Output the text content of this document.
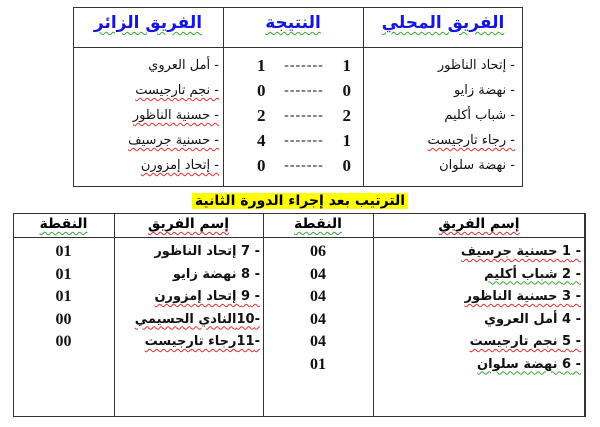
الفريق المحلي
النتيجة
الفريق الزائر
- إتحاد الناظور
- نهضة زايو
- شباب أكليم
- رجاء تارجيست
- نهضة سلوان
1 ------- 1
0 ------- 0
2 ------- 2
4 ------- 1
0 ------- 0
- أمل العروي
- نجم تارجيست
- حسنية الناظور
- حسنية جرسيف
- إتحاد إمزورن
الترتيب بعد إجراء الدورة الثانية
إسم الفريق
النقطة
إسم الفريق
النقطة
- 1 حسنية جرسيف
- 2 شباب أكليم
- 3 حسنية الناظور
- 4 أمل العروي
- 5 نجم تارجيست
- 6 نهضة سلوان
06
04
04
04
04
01
- 7 إتحاد الناظور
- 8 نهضة زايو
- 9 إتحاد إمزورن
-10النادي الحسيمي
-11رجاء تارجيست
01
01
01
00
00
